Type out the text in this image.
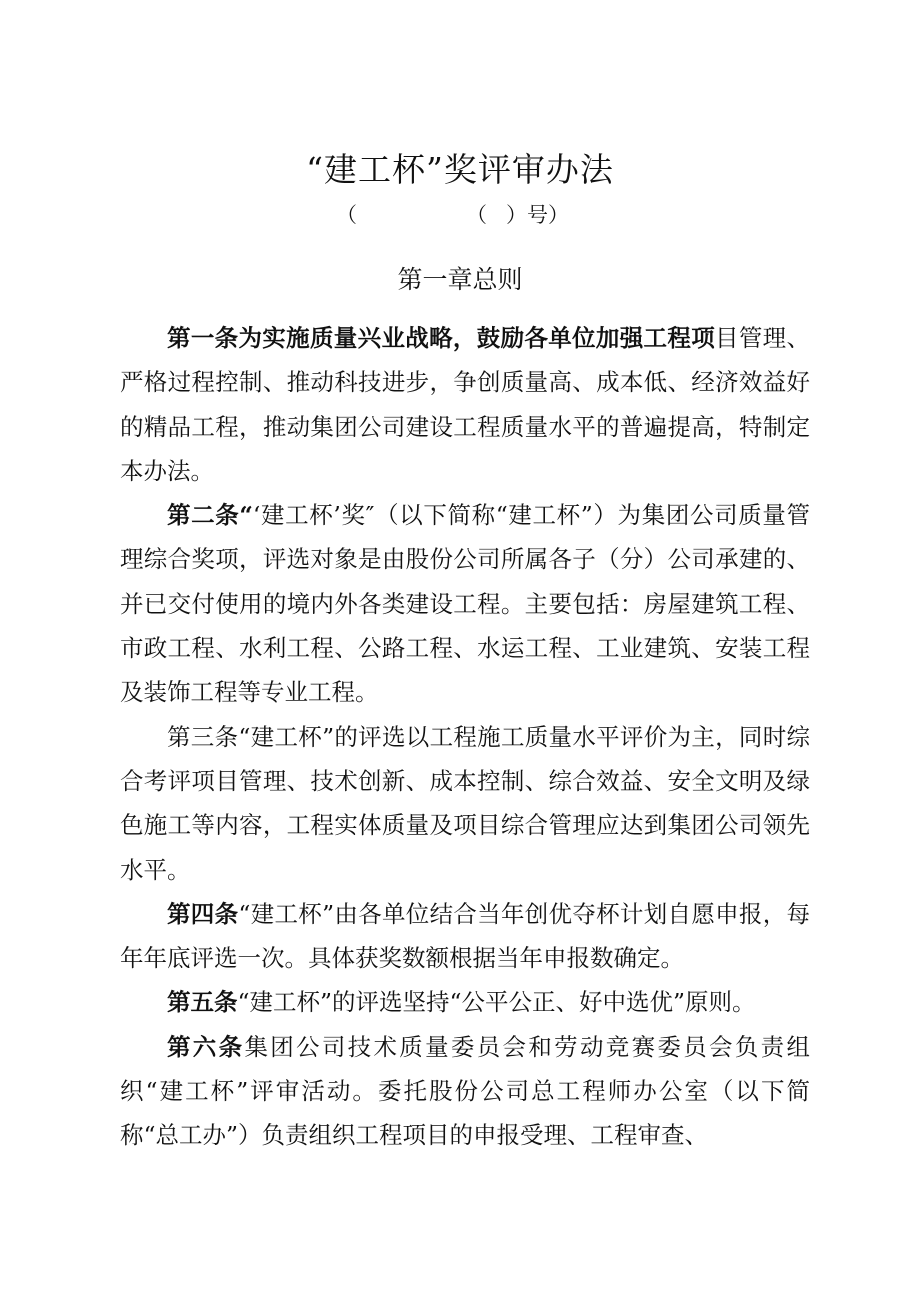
“建工杯”奖评审办法
（	（ ）号）
第一章总则

第一条为实施质量兴业战略，鼓励各单位加强工程项目管理、严格过程控制、推动科技进步，争创质量高、成本低、经济效益好的精品工程，推动集团公司建设工程质量水平的普遍提高，特制定本办法。

第二条“‘建工杯’奖″（以下简称“建工杯”）为集团公司质量管理综合奖项，评选对象是由股份公司所属各子（分）公司承建的、并已交付使用的境内外各类建设工程。主要包括：房屋建筑工程、市政工程、水利工程、公路工程、水运工程、工业建筑、安装工程及装饰工程等专业工程。

第三条“建工杯”的评选以工程施工质量水平评价为主，同时综合考评项目管理、技术创新、成本控制、综合效益、安全文明及绿色施工等内容，工程实体质量及项目综合管理应达到集团公司领先水平。

第四条“建工杯”由各单位结合当年创优夺杯计划自愿申报，每年年底评选一次。具体获奖数额根据当年申报数确定。

第五条“建工杯”的评选坚持“公平公正、好中选优”原则。

第六条集团公司技术质量委员会和劳动竞赛委员会负责组织“建工杯”评审活动。委托股份公司总工程师办公室（以下简称“总工办”）负责组织工程项目的申报受理、工程审查、
